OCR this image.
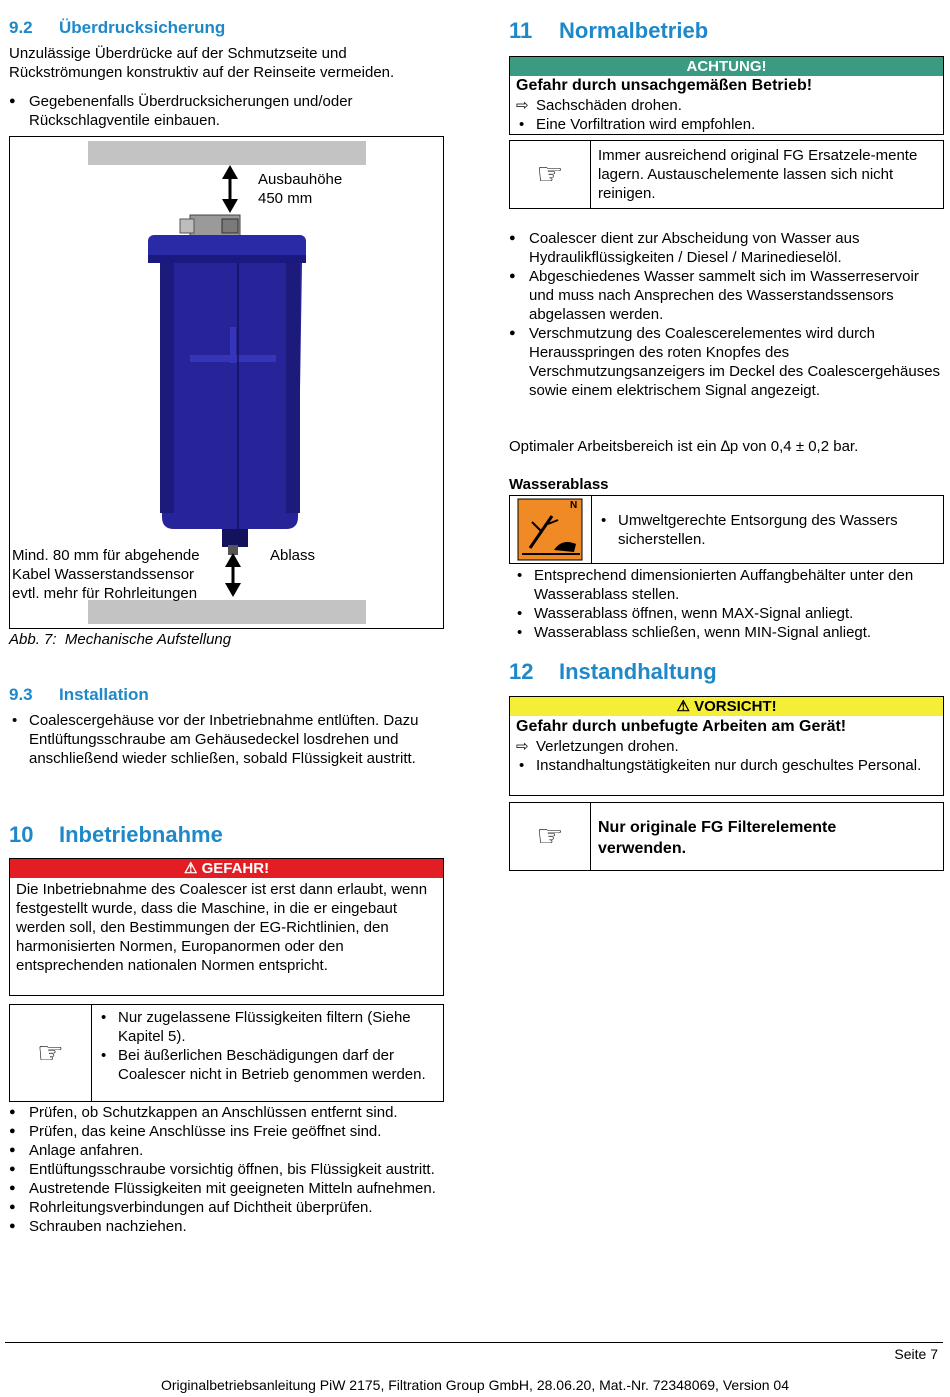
9.2 Überdrucksicherung

Unzulässige Überdrücke auf der Schmutzseite und Rückströmungen konstruktiv auf der Reinseite vermeiden.

● Gegebenenfalls Überdrucksicherungen und/oder Rückschlagventile einbauen.
Ausbauhöhe 450 mm
Mind. 80 mm für abgehende
Kabel Wasserstandssensor
evtl. mehr für Rohrleitungen
Ablass
Abb. 7: Mechanische Aufstellung
9.3 Installation
• Coalescergehäuse vor der Inbetriebnahme entlüften. Dazu Entlüftungsschraube am Gehäusedeckel losdrehen und anschließend wieder schließen, sobald Flüssigkeit austritt.
10 Inbetriebnahme
⚠ GEFAHR!

Die Inbetriebnahme des Coalescer ist erst dann erlaubt, wenn festgestellt wurde, dass die Maschine, in die er eingebaut werden soll, den Bestimmungen der EG-Richtlinien, den harmonisierten Normen, Europanormen oder den entsprechenden nationalen Normen entspricht.

☞
• Nur zugelassene Flüssigkeiten filtern (Siehe Kapitel 5).
• Bei äußerlichen Beschädigungen darf der Coalescer nicht in Betrieb genommen werden.
● Prüfen, ob Schutzkappen an Anschlüssen entfernt sind.
● Prüfen, das keine Anschlüsse ins Freie geöffnet sind.
● Anlage anfahren.
● Entlüftungsschraube vorsichtig öffnen, bis Flüssigkeit austritt.
● Austretende Flüssigkeiten mit geeigneten Mitteln aufnehmen.
● Rohrleitungsverbindungen auf Dichtheit überprüfen.
● Schrauben nachziehen.
11 Normalbetrieb
ACHTUNG!
Gefahr durch unsachgemäßen Betrieb!
⇨ Sachschäden drohen.
• Eine Vorfiltration wird empfohlen.
☞

Immer ausreichend original FG Ersatzele-mente lagern. Austauschelemente lassen sich nicht reinigen.

● Coalescer dient zur Abscheidung von Wasser aus Hydraulikflüssigkeiten / Diesel / Marinedieselöl.
● Abgeschiedenes Wasser sammelt sich im Wasserreservoir und muss nach Ansprechen des Wasserstandssensors abgelassen werden.
● Verschmutzung des Coalescerelementes wird durch Herausspringen des roten Knopfes des Verschmutzungsanzeigers im Deckel des Coalescergehäuses sowie einem elektrischem Signal angezeigt.

Optimaler Arbeitsbereich ist ein ∆p von 0,4 ± 0,2 bar.

Wasserablass
N
• Umweltgerechte Entsorgung des Wassers sicherstellen.
• Entsprechend dimensionierten Auffangbehälter unter den Wasserablass stellen.
• Wasserablass öffnen, wenn MAX-Signal anliegt.
• Wasserablass schließen, wenn MIN-Signal anliegt.
12 Instandhaltung
⚠ VORSICHT!
Gefahr durch unbefugte Arbeiten am Gerät!
⇨ Verletzungen drohen.
• Instandhaltungstätigkeiten nur durch geschultes Personal.
☞	Nur originale FG Filterelemente verwenden.

Seite 7
Originalbetriebsanleitung PiW 2175, Filtration Group GmbH, 28.06.20, Mat.-Nr. 72348069, Version 04
